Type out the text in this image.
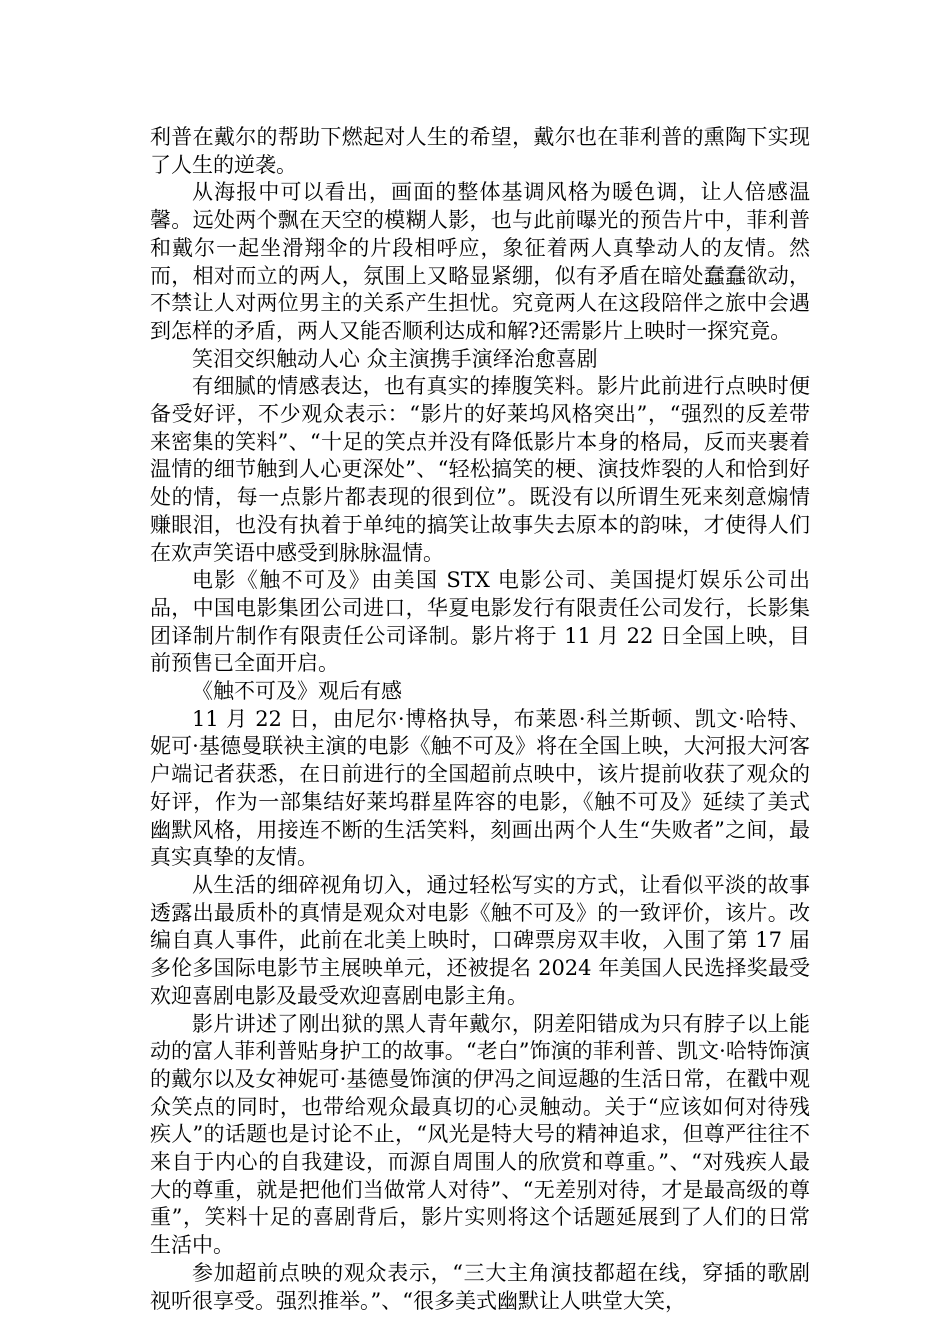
利普在戴尔的帮助下燃起对人生的希望，戴尔也在菲利普的熏陶下实现了人生的逆袭。

从海报中可以看出，画面的整体基调风格为暖色调，让人倍感温馨。远处两个飘在天空的模糊人影，也与此前曝光的预告片中，菲利普和戴尔一起坐滑翔伞的片段相呼应，象征着两人真挚动人的友情。然而，相对而立的两人，氛围上又略显紧绷，似有矛盾在暗处蠢蠢欲动，不禁让人对两位男主的关系产生担忧。究竟两人在这段陪伴之旅中会遇到怎样的矛盾，两人又能否顺利达成和解?还需影片上映时一探究竟。

笑泪交织触动人心 众主演携手演绎治愈喜剧

有细腻的情感表达，也有真实的捧腹笑料。影片此前进行点映时便备受好评，不少观众表示：“影片的好莱坞风格突出”，“强烈的反差带来密集的笑料”、“十足的笑点并没有降低影片本身的格局，反而夹裹着温情的细节触到人心更深处”、“轻松搞笑的梗、演技炸裂的人和恰到好处的情，每一点影片都表现的很到位”。既没有以所谓生死来刻意煽情赚眼泪，也没有执着于单纯的搞笑让故事失去原本的韵味，才使得人们在欢声笑语中感受到脉脉温情。

电影《触不可及》由美国 STX 电影公司、美国提灯娱乐公司出品，中国电影集团公司进口，华夏电影发行有限责任公司发行，长影集团译制片制作有限责任公司译制。影片将于 11 月 22 日全国上映，目前预售已全面开启。

《触不可及》观后有感

11 月 22 日，由尼尔·博格执导，布莱恩·科兰斯顿、凯文·哈特、妮可·基德曼联袂主演的电影《触不可及》将在全国上映，大河报大河客户端记者获悉，在日前进行的全国超前点映中，该片提前收获了观众的好评，作为一部集结好莱坞群星阵容的电影，《触不可及》延续了美式幽默风格，用接连不断的生活笑料，刻画出两个人生“失败者”之间，最真实真挚的友情。

从生活的细碎视角切入，通过轻松写实的方式，让看似平淡的故事透露出最质朴的真情是观众对电影《触不可及》的一致评价，该片。改编自真人事件，此前在北美上映时，口碑票房双丰收，入围了第 17 届多伦多国际电影节主展映单元，还被提名 2024 年美国人民选择奖最受欢迎喜剧电影及最受欢迎喜剧电影主角。

影片讲述了刚出狱的黑人青年戴尔，阴差阳错成为只有脖子以上能动的富人菲利普贴身护工的故事。“老白”饰演的菲利普、凯文·哈特饰演的戴尔以及女神妮可·基德曼饰演的伊冯之间逗趣的生活日常，在戳中观众笑点的同时，也带给观众最真切的心灵触动。关于“应该如何对待残疾人”的话题也是讨论不止，“风光是特大号的精神追求，但尊严往往不来自于内心的自我建设，而源自周围人的欣赏和尊重。”、“对残疾人最大的尊重，就是把他们当做常人对待”、“无差别对待，才是最高级的尊重”，笑料十足的喜剧背后，影片实则将这个话题延展到了人们的日常生活中。

参加超前点映的观众表示，“三大主角演技都超在线，穿插的歌剧视听很享受。强烈推举。”、“很多美式幽默让人哄堂大笑，
